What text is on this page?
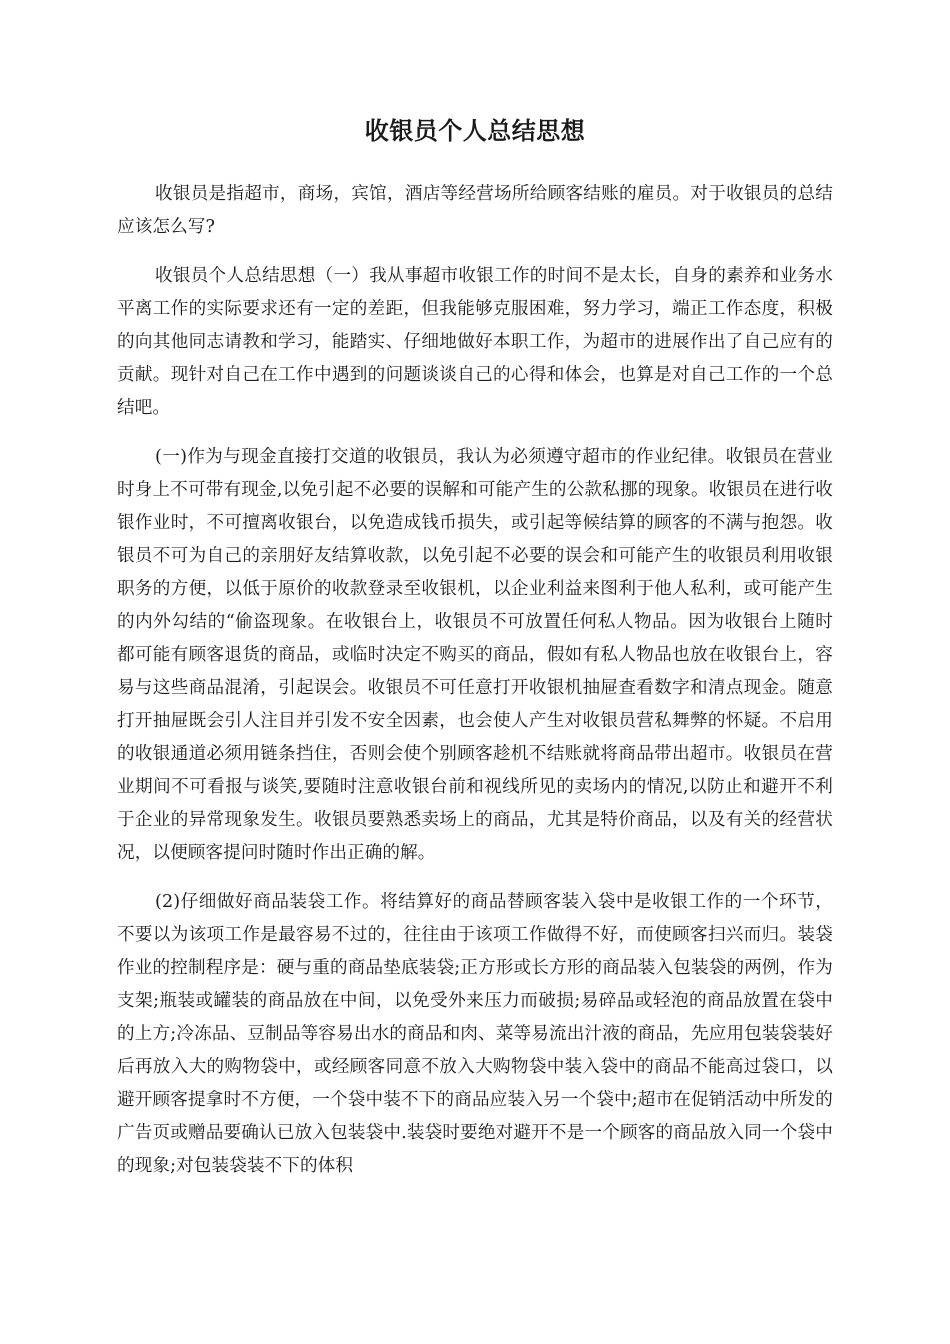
收银员个人总结思想

收银员是指超市，商场，宾馆，酒店等经营场所给顾客结账的雇员。对于收银员的总结应该怎么写?

收银员个人总结思想（一）我从事超市收银工作的时间不是太长，自身的素养和业务水平离工作的实际要求还有一定的差距，但我能够克服困难，努力学习，端正工作态度，积极的向其他同志请教和学习，能踏实、仔细地做好本职工作，为超市的进展作出了自己应有的贡献。现针对自己在工作中遇到的问题谈谈自己的心得和体会，也算是对自己工作的一个总结吧。

(一)作为与现金直接打交道的收银员，我认为必须遵守超市的作业纪律。收银员在营业时身上不可带有现金,以免引起不必要的误解和可能产生的公款私挪的现象。收银员在进行收银作业时，不可擅离收银台，以免造成钱币损失，或引起等候结算的顾客的不满与抱怨。收银员不可为自己的亲朋好友结算收款，以免引起不必要的误会和可能产生的收银员利用收银职务的方便，以低于原价的收款登录至收银机，以企业利益来图利于他人私利，或可能产生的内外勾结的“偷盗现象。在收银台上，收银员不可放置任何私人物品。因为收银台上随时都可能有顾客退货的商品，或临时决定不购买的商品，假如有私人物品也放在收银台上，容易与这些商品混淆，引起误会。收银员不可任意打开收银机抽屉查看数字和清点现金。随意打开抽屉既会引人注目并引发不安全因素，也会使人产生对收银员营私舞弊的怀疑。不启用的收银通道必须用链条挡住，否则会使个别顾客趁机不结账就将商品带出超市。收银员在营业期间不可看报与谈笑,要随时注意收银台前和视线所见的卖场内的情况,以防止和避开不利于企业的异常现象发生。收银员要熟悉卖场上的商品，尤其是特价商品，以及有关的经营状况，以便顾客提问时随时作出正确的解。

(2)仔细做好商品装袋工作。将结算好的商品替顾客装入袋中是收银工作的一个环节，不要以为该项工作是最容易不过的，往往由于该项工作做得不好，而使顾客扫兴而归。装袋作业的控制程序是：硬与重的商品垫底装袋;正方形或长方形的商品装入包装袋的两例，作为支架;瓶装或罐装的商品放在中间，以免受外来压力而破损;易碎品或轻泡的商品放置在袋中的上方;冷冻品、豆制品等容易出水的商品和肉、菜等易流出汁液的商品，先应用包装袋装好后再放入大的购物袋中，或经顾客同意不放入大购物袋中装入袋中的商品不能高过袋口，以避开顾客提拿时不方便，一个袋中装不下的商品应装入另一个袋中;超市在促销活动中所发的广告页或赠品要确认已放入包装袋中.装袋时要绝对避开不是一个顾客的商品放入同一个袋中的现象;对包装袋装不下的体积
